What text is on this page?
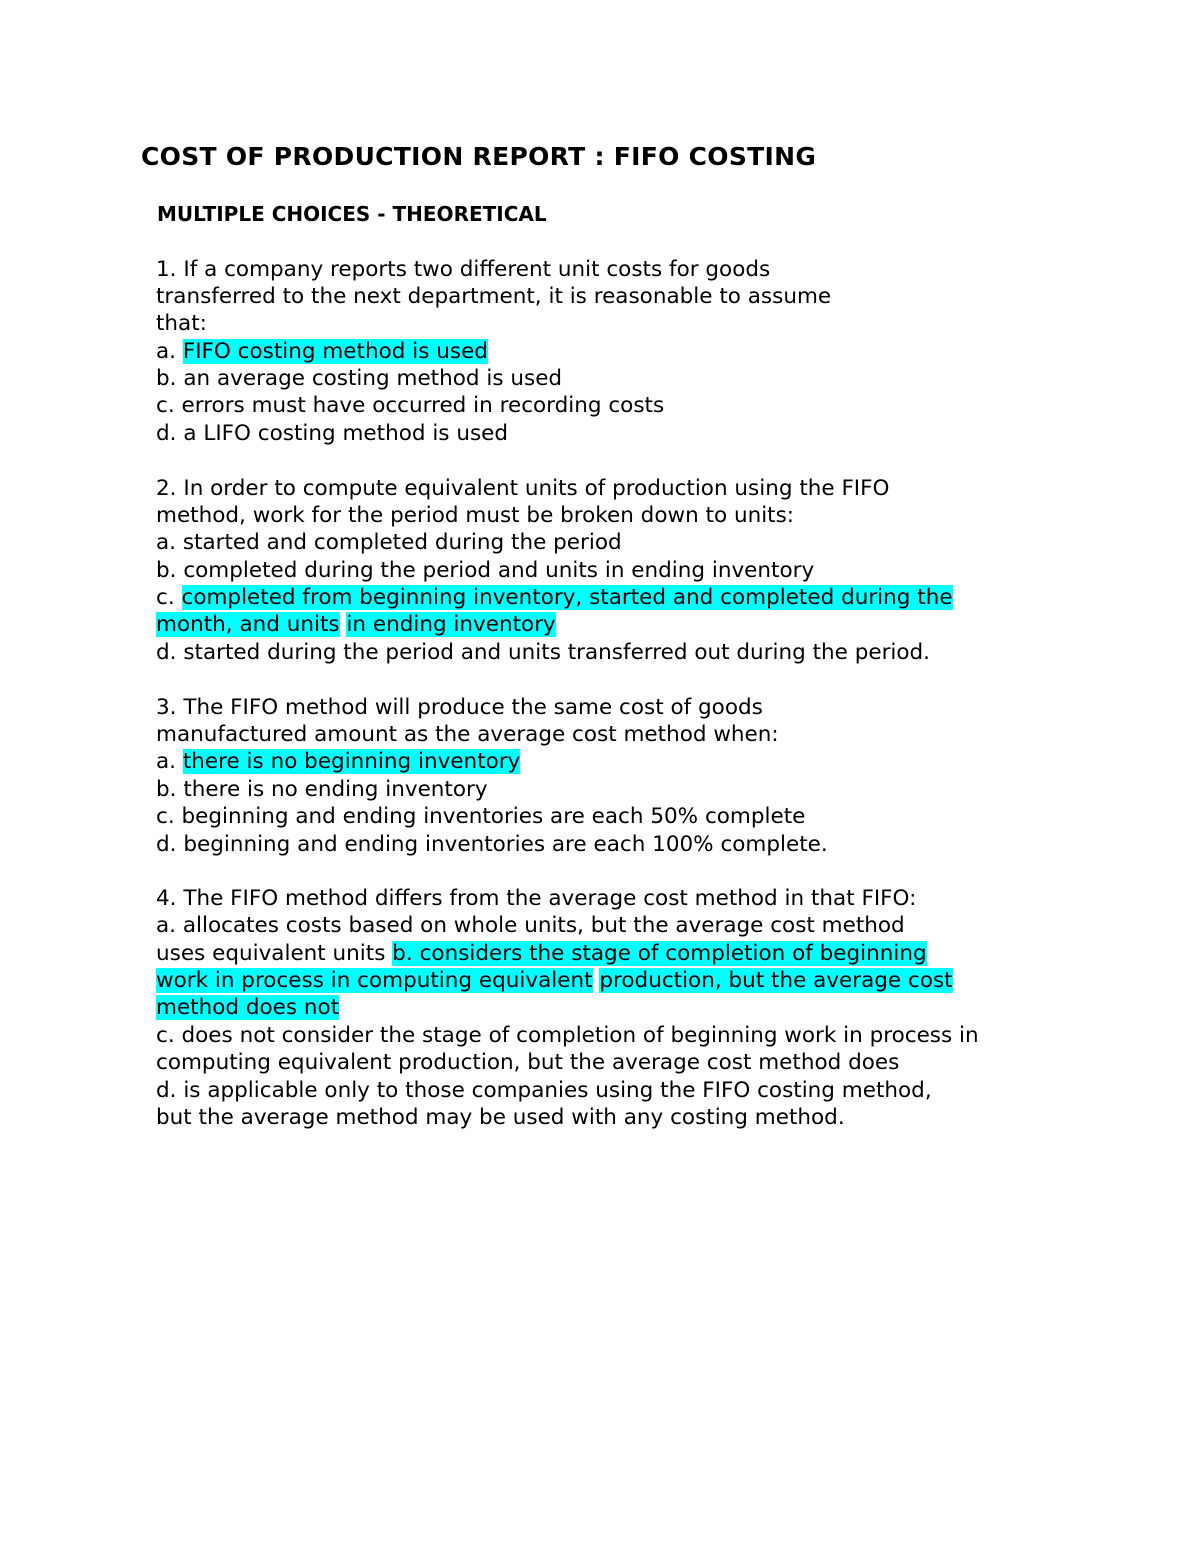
COST OF PRODUCTION REPORT : FIFO COSTING
MULTIPLE CHOICES - THEORETICAL

1. If a company reports two different unit costs for goods

transferred to the next department, it is reasonable to assume

that:

a. FIFO costing method is used

b. an average costing method is used

c. errors must have occurred in recording costs

d. a LIFO costing method is used

2. In order to compute equivalent units of production using the FIFO

method, work for the period must be broken down to units:

a. started and completed during the period

b. completed during the period and units in ending inventory

c. completed from beginning inventory, started and completed during the

month, and units in ending inventory

d. started during the period and units transferred out during the period.

3. The FIFO method will produce the same cost of goods

manufactured amount as the average cost method when:

a. there is no beginning inventory

b. there is no ending inventory

c. beginning and ending inventories are each 50% complete

d. beginning and ending inventories are each 100% complete.

4. The FIFO method differs from the average cost method in that FIFO:

a. allocates costs based on whole units, but the average cost method

uses equivalent units b. considers the stage of completion of beginning

work in process in computing equivalent production, but the average cost

method does not

c. does not consider the stage of completion of beginning work in process in

computing equivalent production, but the average cost method does

d. is applicable only to those companies using the FIFO costing method,

but the average method may be used with any costing method.
